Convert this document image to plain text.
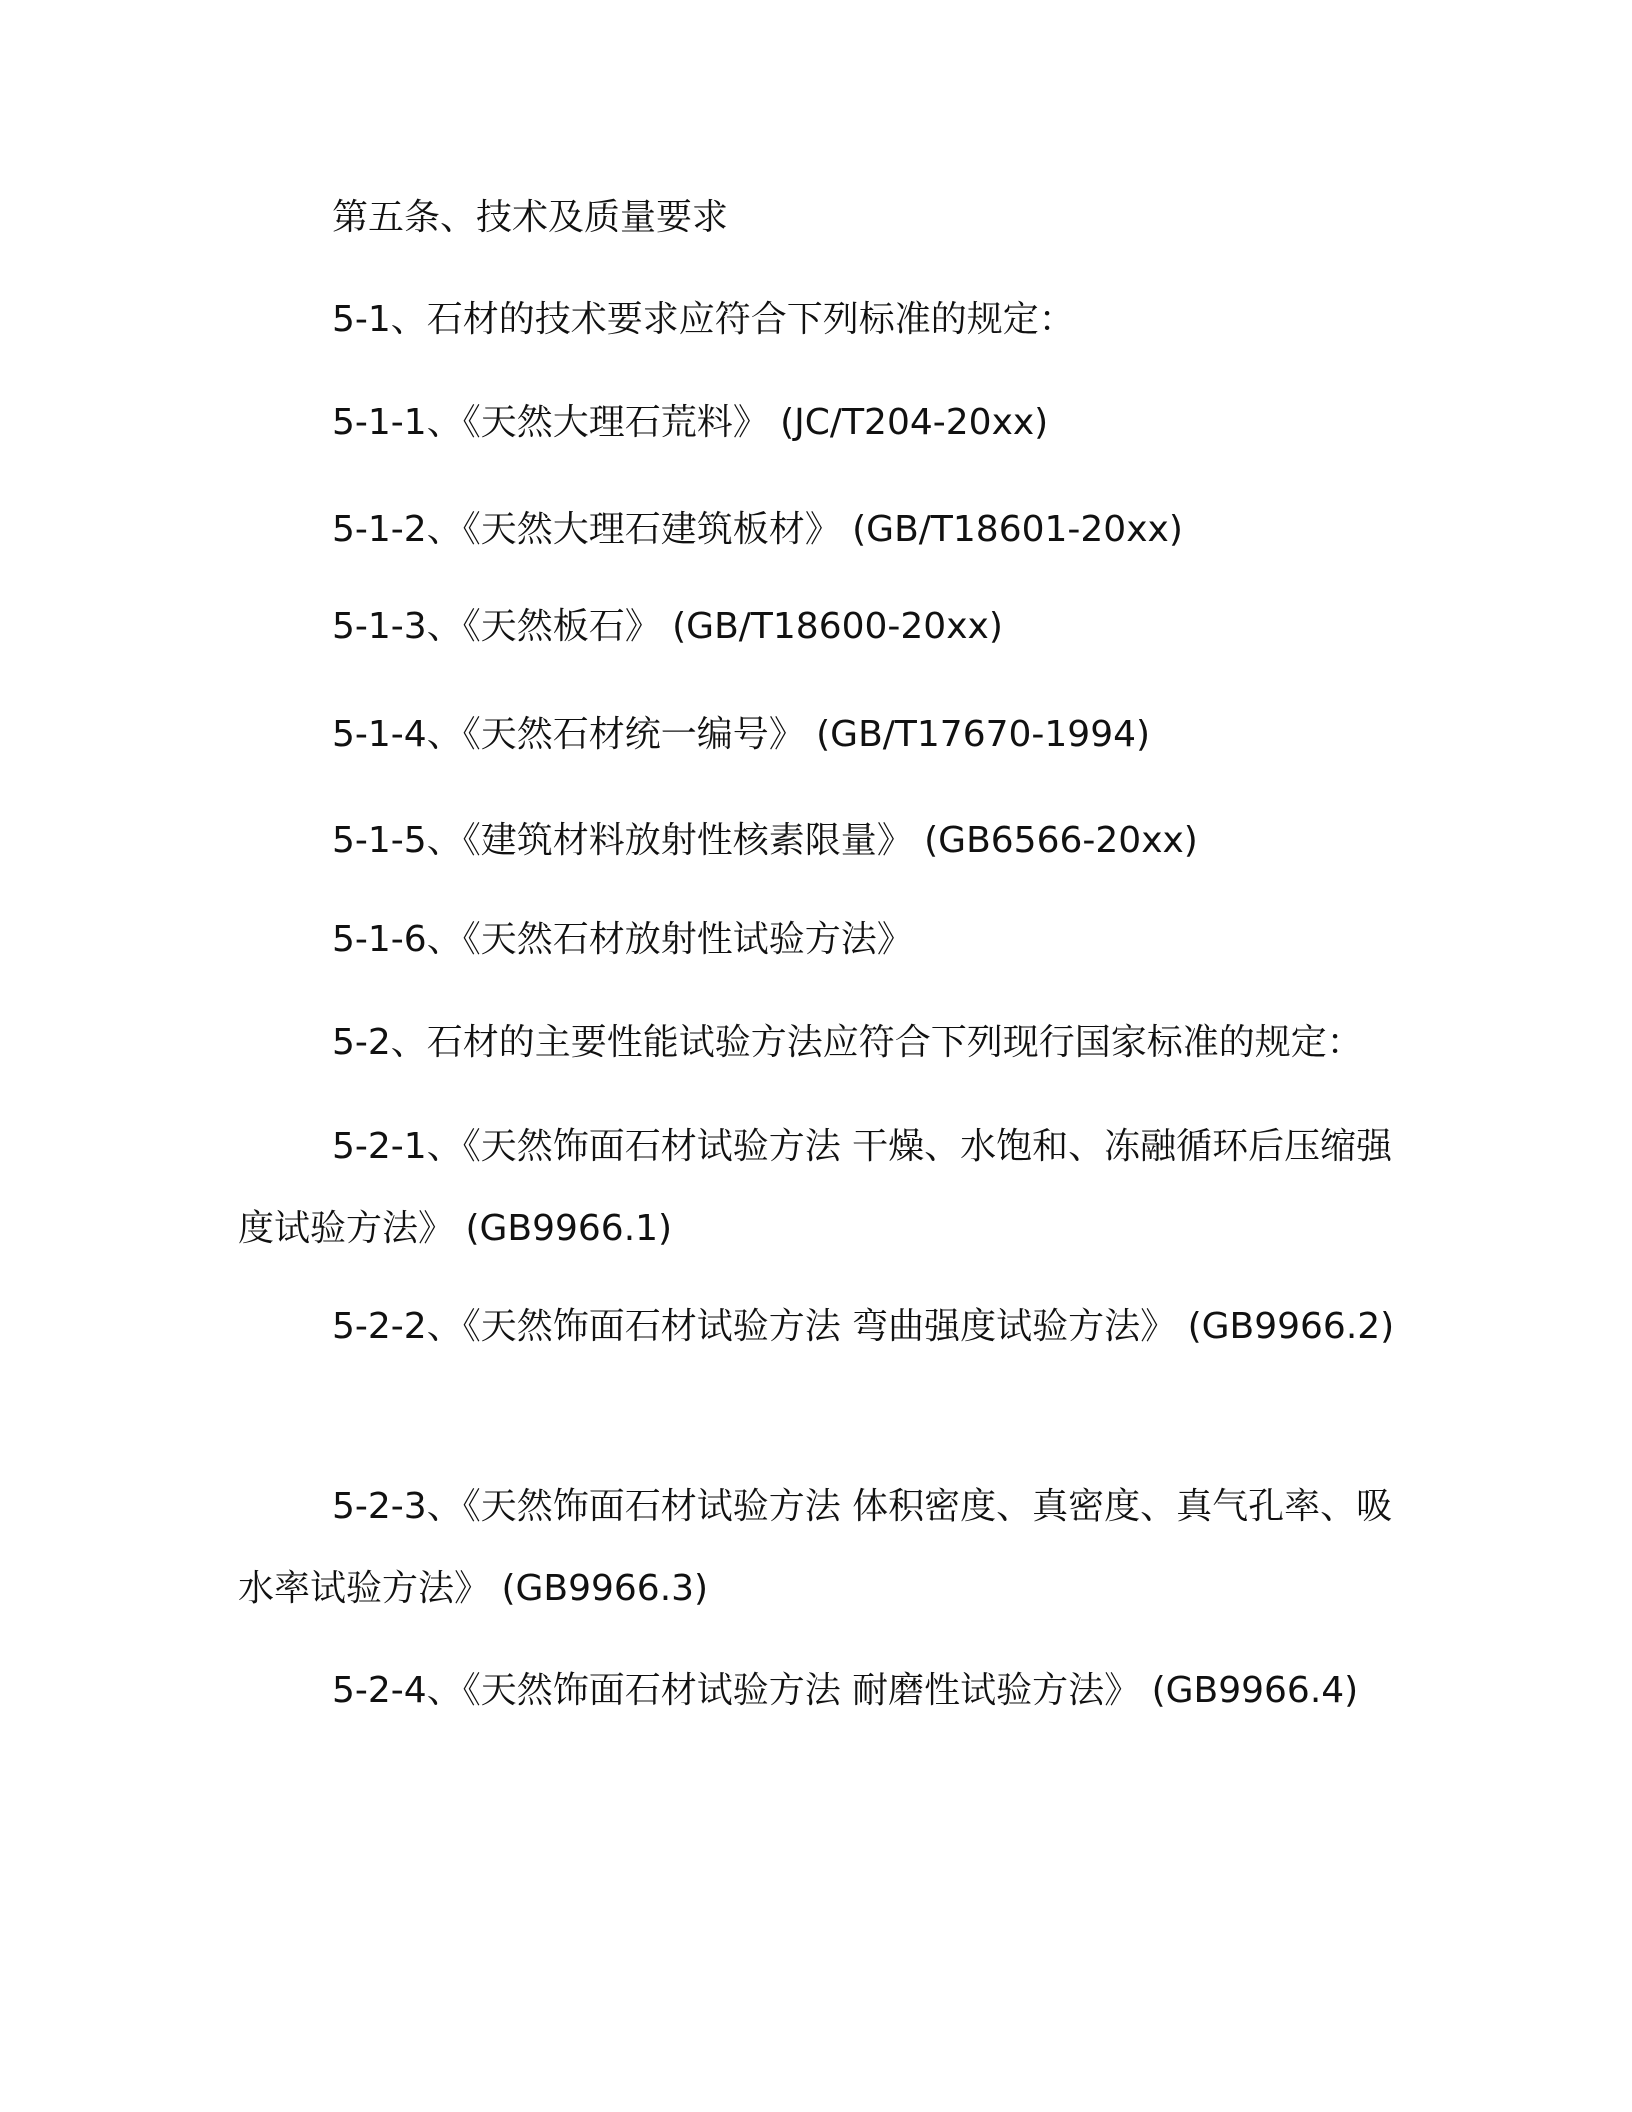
第五条、技术及质量要求

5-1、石材的技术要求应符合下列标准的规定：

5-1-1、《天然大理石荒料》 (JC/T204-20xx)

5-1-2、《天然大理石建筑板材》 (GB/T18601-20xx)

5-1-3、《天然板石》 (GB/T18600-20xx)

5-1-4、《天然石材统一编号》 (GB/T17670-1994)

5-1-5、《建筑材料放射性核素限量》 (GB6566-20xx)

5-1-6、《天然石材放射性试验方法》

5-2、石材的主要性能试验方法应符合下列现行国家标准的规定：

5-2-1、《天然饰面石材试验方法 干燥、水饱和、冻融循环后压缩强度试验方法》 (GB9966.1)

5-2-2、《天然饰面石材试验方法 弯曲强度试验方法》 (GB9966.2)

5-2-3、《天然饰面石材试验方法 体积密度、真密度、真气孔率、吸水率试验方法》 (GB9966.3)

5-2-4、《天然饰面石材试验方法 耐磨性试验方法》 (GB9966.4)
